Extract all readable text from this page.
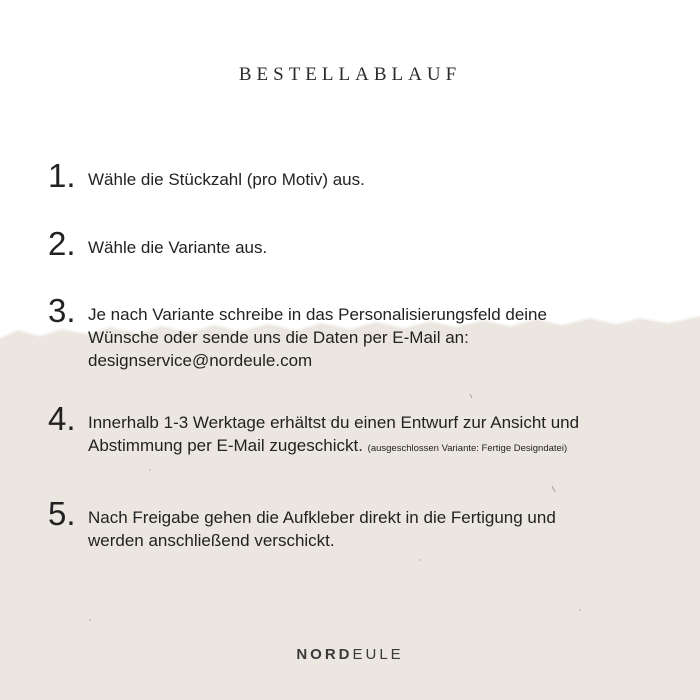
BESTELLABLAUF
1. Wähle die Stückzahl (pro Motiv) aus.
2. Wähle die Variante aus.
3. Je nach Variante schreibe in das Personalisierungsfeld deine
Wünsche oder sende uns die Daten per E-Mail an:
designservice@nordeule.com
4. Innerhalb 1-3 Werktage erhältst du einen Entwurf zur Ansicht und
Abstimmung per E-Mail zugeschickt. (ausgeschlossen Variante: Fertige Designdatei)
5. Nach Freigabe gehen die Aufkleber direkt in die Fertigung und
werden anschließend verschickt.
NORDEULE
